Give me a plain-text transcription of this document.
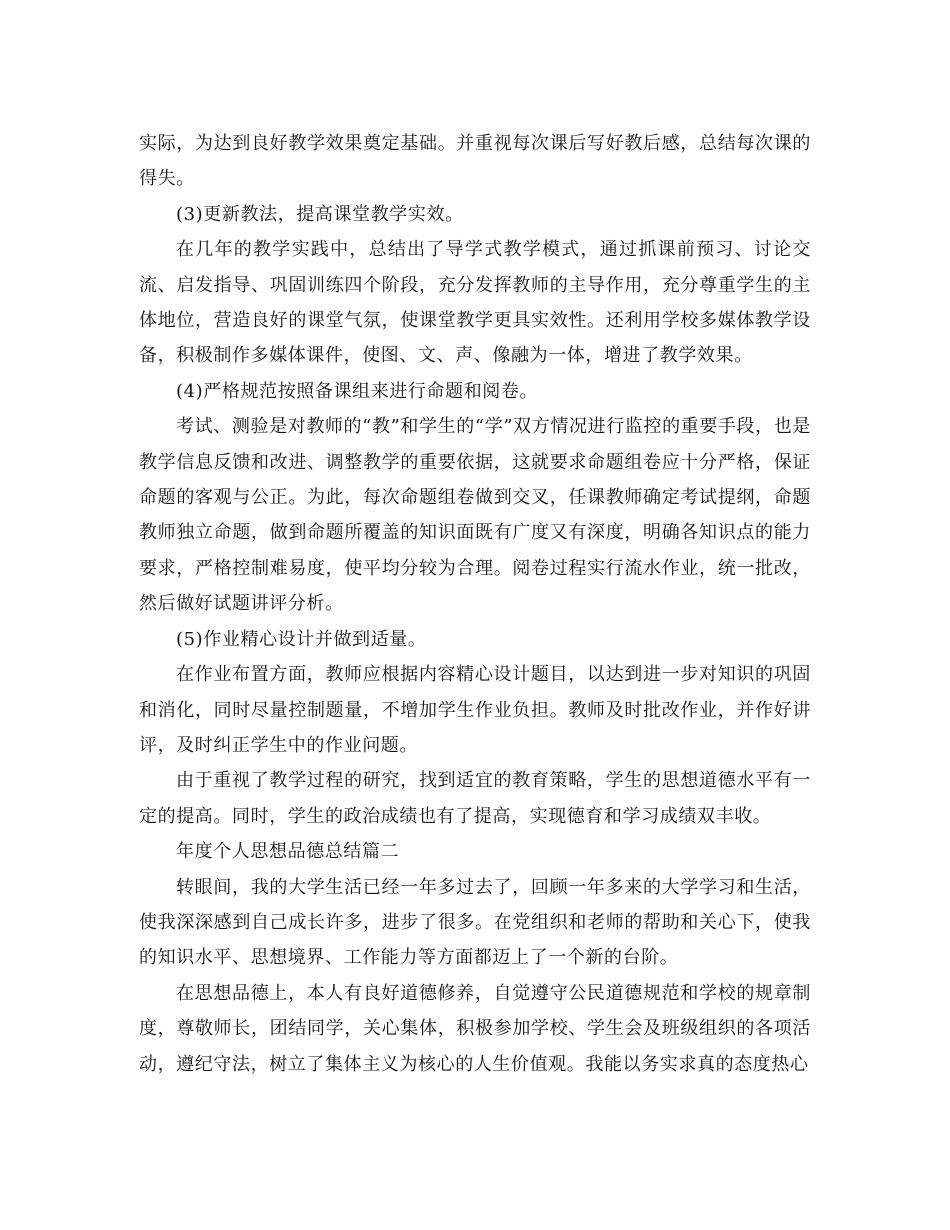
实际，为达到良好教学效果奠定基础。并重视每次课后写好教后感，总结每次课的得失。

(3)更新教法，提高课堂教学实效。

在几年的教学实践中，总结出了导学式教学模式，通过抓课前预习、讨论交流、启发指导、巩固训练四个阶段，充分发挥教师的主导作用，充分尊重学生的主体地位，营造良好的课堂气氛，使课堂教学更具实效性。还利用学校多媒体教学设备，积极制作多媒体课件，使图、文、声、像融为一体，增进了教学效果。

(4)严格规范按照备课组来进行命题和阅卷。

考试、测验是对教师的“教”和学生的“学”双方情况进行监控的重要手段，也是教学信息反馈和改进、调整教学的重要依据，这就要求命题组卷应十分严格，保证命题的客观与公正。为此，每次命题组卷做到交叉，任课教师确定考试提纲，命题教师独立命题，做到命题所覆盖的知识面既有广度又有深度，明确各知识点的能力要求，严格控制难易度，使平均分较为合理。阅卷过程实行流水作业，统一批改，然后做好试题讲评分析。

(5)作业精心设计并做到适量。

在作业布置方面，教师应根据内容精心设计题目，以达到进一步对知识的巩固和消化，同时尽量控制题量，不增加学生作业负担。教师及时批改作业，并作好讲评，及时纠正学生中的作业问题。

由于重视了教学过程的研究，找到适宜的教育策略，学生的思想道德水平有一定的提高。同时，学生的政治成绩也有了提高，实现德育和学习成绩双丰收。

年度个人思想品德总结篇二

转眼间，我的大学生活已经一年多过去了，回顾一年多来的大学学习和生活，使我深深感到自己成长许多，进步了很多。在党组织和老师的帮助和关心下，使我的知识水平、思想境界、工作能力等方面都迈上了一个新的台阶。

在思想品德上，本人有良好道德修养，自觉遵守公民道德规范和学校的规章制度，尊敬师长，团结同学，关心集体，积极参加学校、学生会及班级组织的各项活动，遵纪守法，树立了集体主义为核心的人生价值观。我能以务实求真的态度热心
